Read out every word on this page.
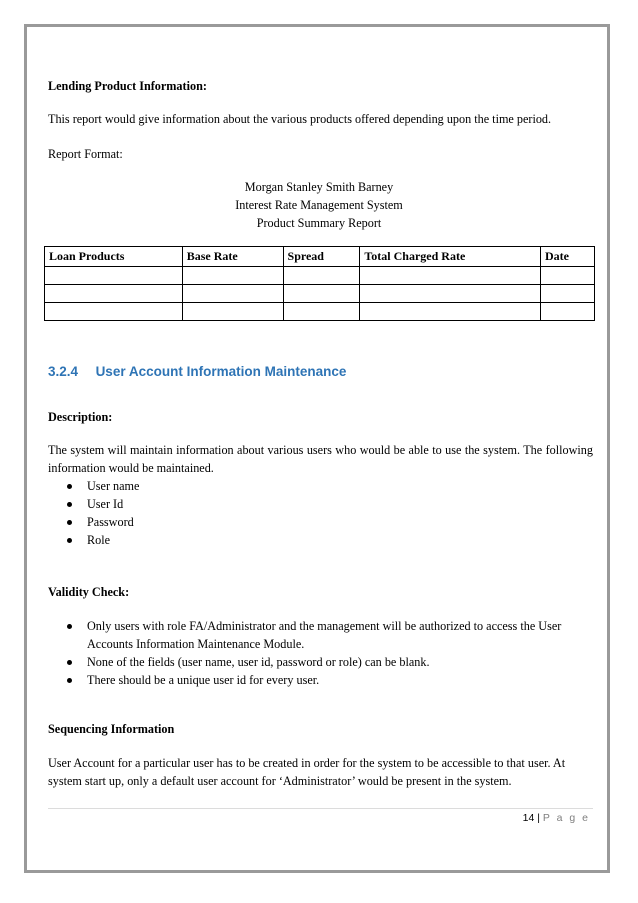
Lending Product Information:
This report would give information about the various products offered depending upon the time period.
Report Format:
Morgan Stanley Smith Barney
Interest Rate Management System
Product Summary Report
Loan Products	Base Rate	Spread	Total Charged Rate	Date

3.2.4 User Account Information Maintenance
Description:
The system will maintain information about various users who would be able to use the system. The following information would be maintained.
User name
User Id
Password
Role
Validity Check:
Only users with role FA/Administrator and the management will be authorized to access the User Accounts Information Maintenance Module.
None of the fields (user name, user id, password or role) can be blank.
There should be a unique user id for every user.
Sequencing Information
User Account for a particular user has to be created in order for the system to be accessible to that user. At system start up, only a default user account for ‘Administrator’ would be present in the system.
14 | P a g e
